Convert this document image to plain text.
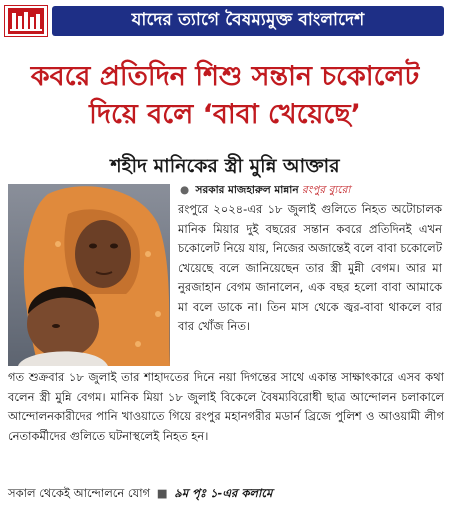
যাদের ত্যাগে বৈষম্যমুক্ত বাংলাদেশ
কবরে প্রতিদিন শিশু সন্তান চকোলেট
দিয়ে বলে ‘বাবা খেয়েছে’
শহীদ মানিকের স্ত্রী মুন্নি আক্তার
● সরকার মাজহারুল মান্নান রংপুর ব্যুরো
রংপুরে ২০২৪-এর ১৮ জুলাই গুলিতে নিহত অটোচালক মানিক মিয়ার দুই বছরের সন্তান কবরে প্রতিদিনই এখন চকোলেট নিয়ে যায়, নিজের অজান্তেই বলে বাবা চকোলেট খেয়েছে বলে জানিয়েছেন তার স্ত্রী মুন্নী বেগম। আর মা নুরজাহান বেগম জানালেন, এক বছর হলো বাবা আমাকে মা বলে ডাকে না। তিন মাস থেকে জ্বর-বাবা থাকলে বার বার খোঁজ নিত।
গত শুক্রবার ১৮ জুলাই তার শাহাদতের দিনে নয়া দিগন্তের সাথে একান্ত সাক্ষাৎকারে এসব কথা বলেন স্ত্রী মুন্নি বেগম। মানিক মিয়া ১৮ জুলাই বিকেলে বৈষম্যবিরোধী ছাত্র আন্দোলন চলাকালে আন্দোলনকারীদের পানি খাওয়াতে গিয়ে রংপুর মহানগরীর মডার্ন ব্রিজে পুলিশ ও আওয়ামী লীগ নেতাকর্মীদের গুলিতে ঘটনাস্থলেই নিহত হন।
সকাল থেকেই আন্দোলনে যোগ ■ ৯ম পৃঃ ১-এর কলামে
